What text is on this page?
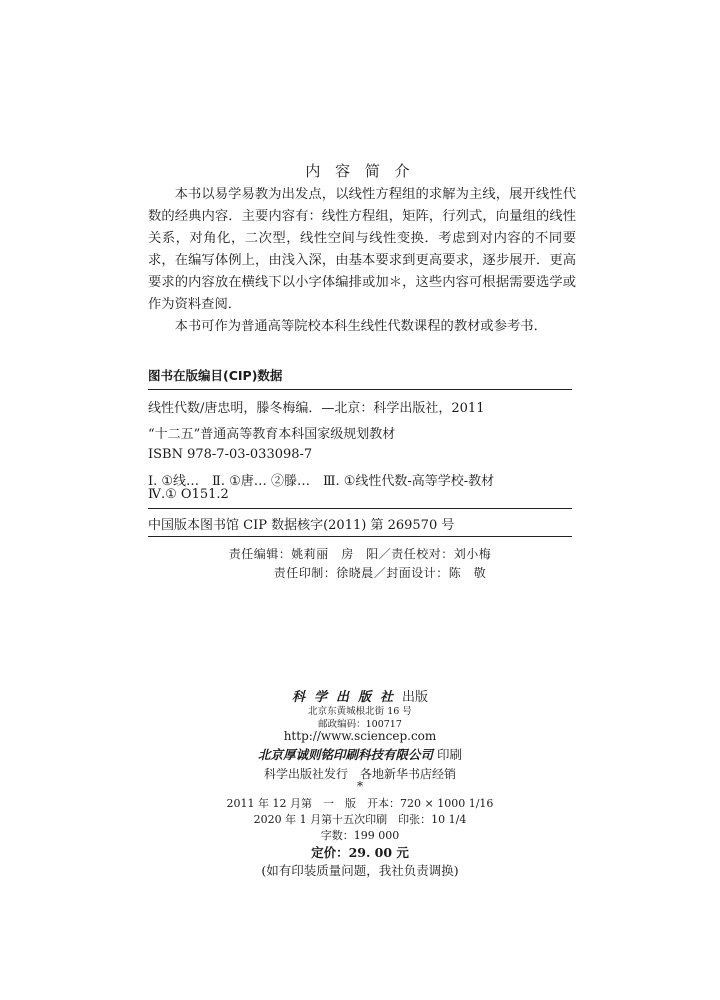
内 容 简 介

本书以易学易教为出发点，以线性方程组的求解为主线，展开线性代数的经典内容．主要内容有：线性方程组，矩阵，行列式，向量组的线性关系，对角化，二次型，线性空间与线性变换．考虑到对内容的不同要求，在编写体例上，由浅入深，由基本要求到更高要求，逐步展开．更高要求的内容放在横线下以小字体编排或加＊，这些内容可根据需要选学或作为资料查阅．

本书可作为普通高等院校本科生线性代数课程的教材或参考书．

图书在版编目(CIP)数据
线性代数/唐忠明，滕冬梅编．—北京：科学出版社，2011
“十二五”普通高等教育本科国家级规划教材
ISBN 978-7-03-033098-7
Ⅰ. ①线…　Ⅱ. ①唐… ②滕…　Ⅲ. ①线性代数-高等学校-教材
Ⅳ.① O151.2
中国版本图书馆 CIP 数据核字(2011) 第 269570 号
责任编辑：姚莉丽　房　阳／责任校对：刘小梅
责任印制：徐晓晨／封面设计：陈　敬
科学出版社出版
北京东黄城根北街 16 号
邮政编码：100717
http://www.sciencep.com
北京厚诚则铭印刷科技有限公司 印刷
科学出版社发行　各地新华书店经销
*
2011 年 12 月第　一　版　开本：720 × 1000 1/16
2020 年 1 月第十五次印刷　印张：10 1/4
字数：199 000
定价：29. 00 元
(如有印装质量问题，我社负责调换)
